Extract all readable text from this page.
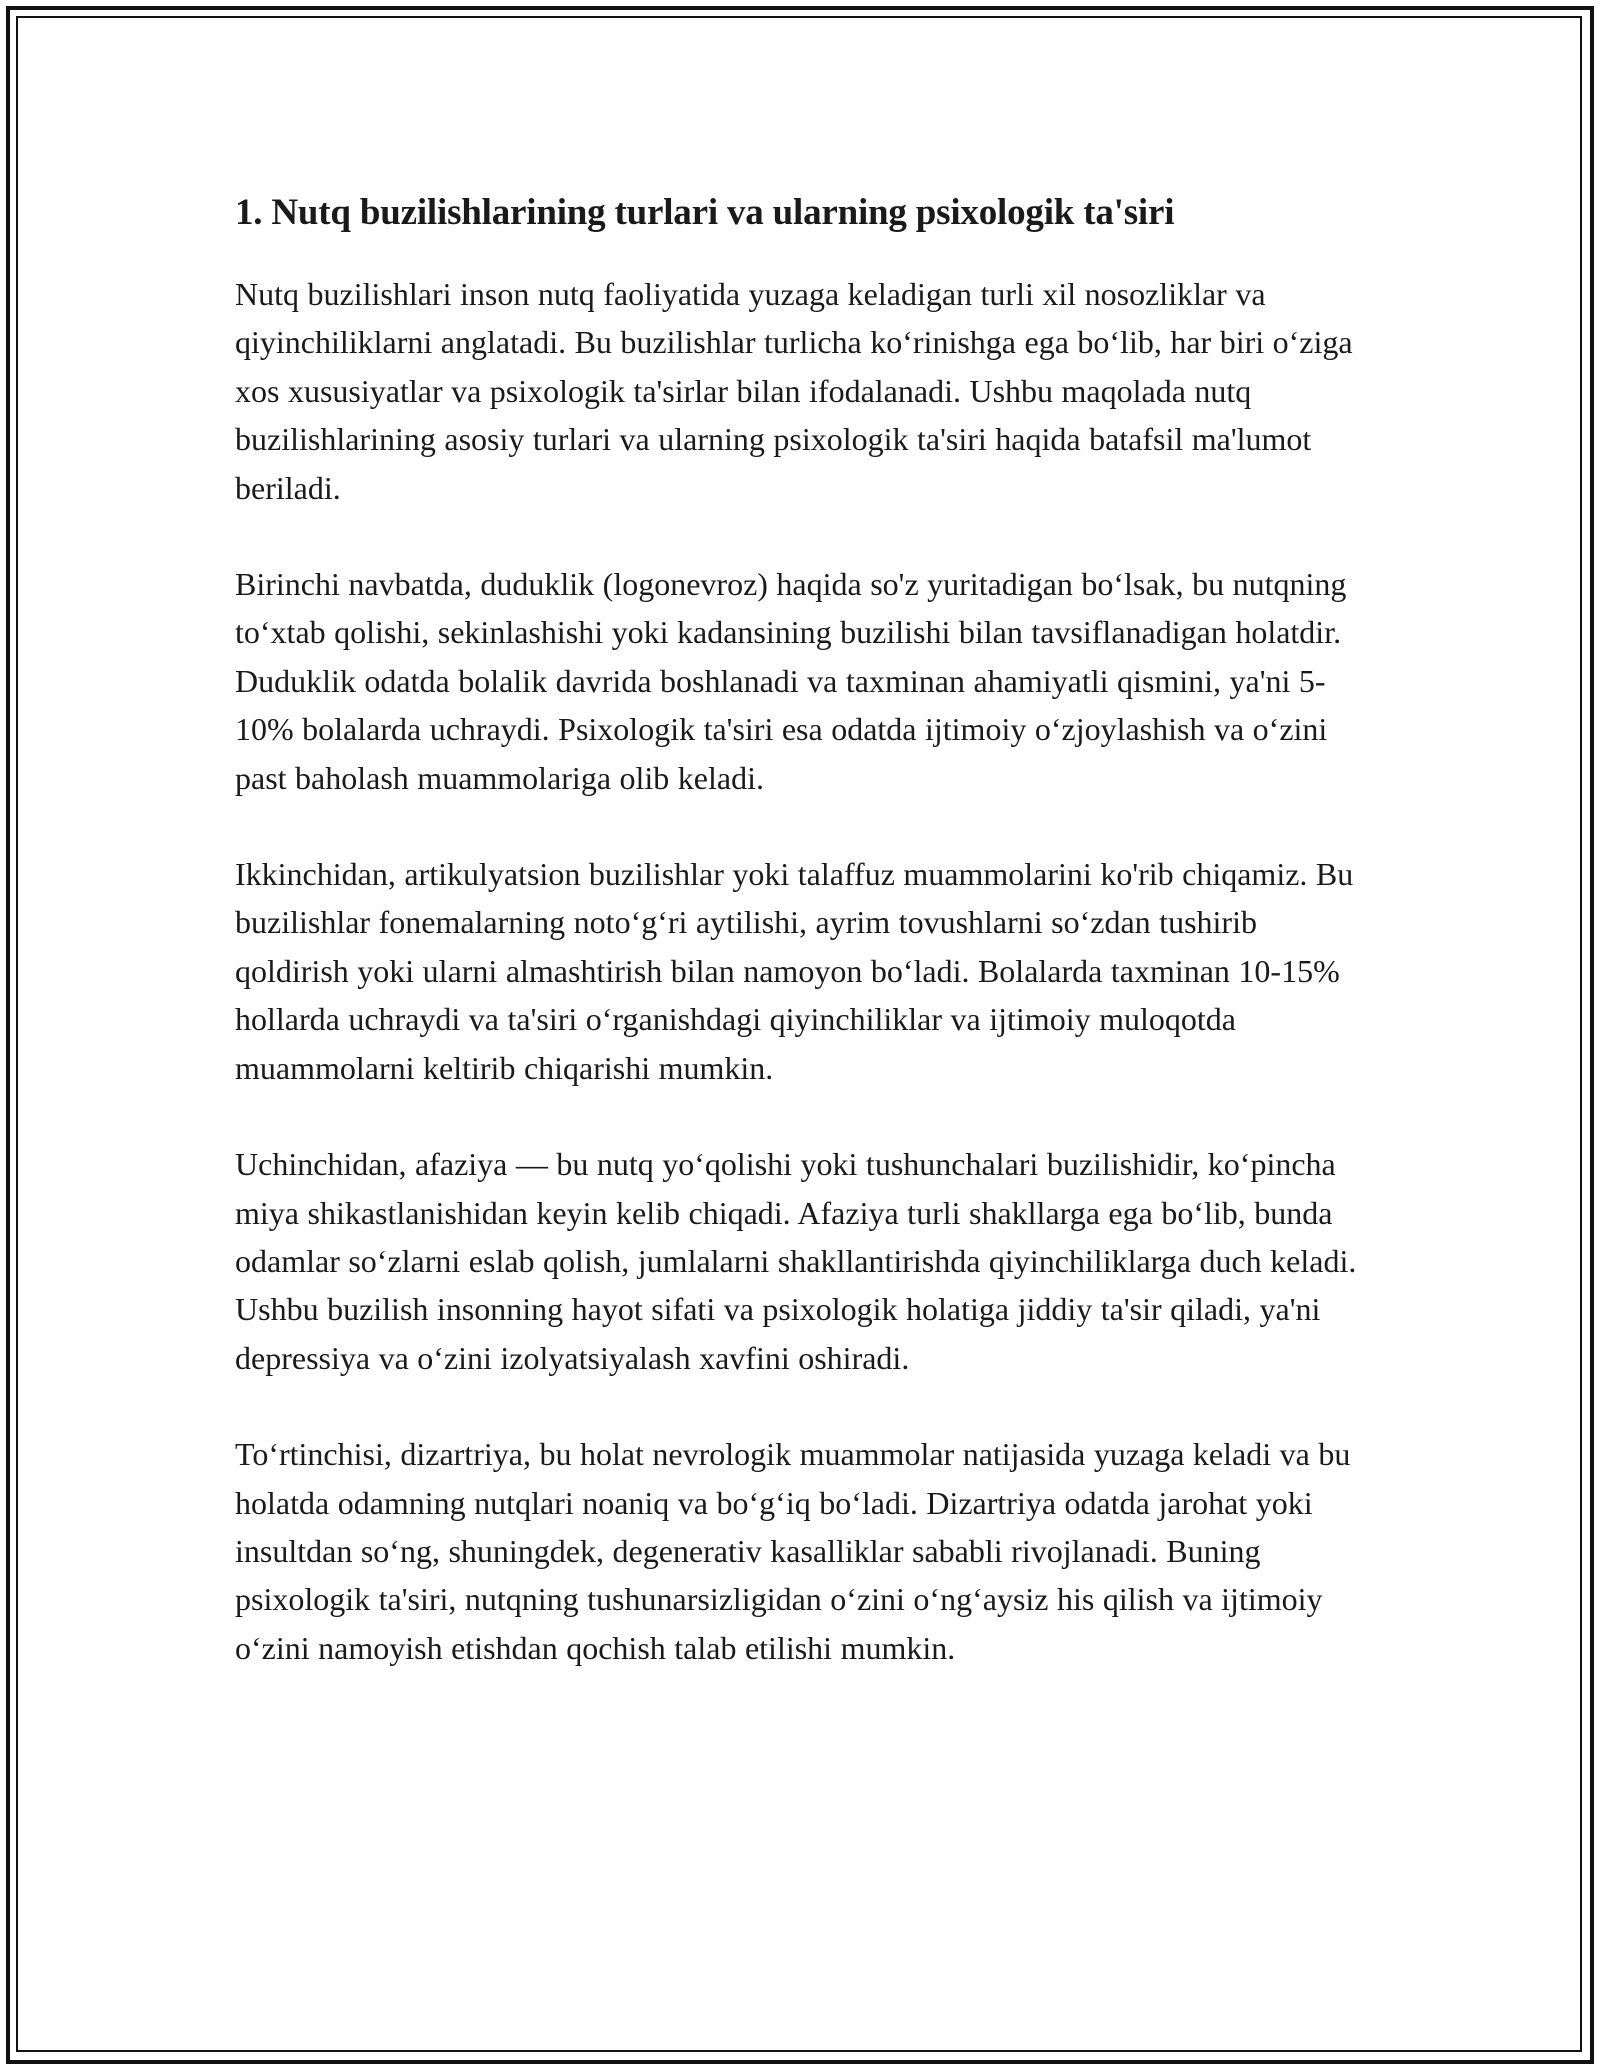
1. Nutq buzilishlarining turlari va ularning psixologik ta'siri

Nutq buzilishlari inson nutq faoliyatida yuzaga keladigan turli xil nosozliklar va qiyinchiliklarni anglatadi. Bu buzilishlar turlicha ko‘rinishga ega bo‘lib, har biri o‘ziga xos xususiyatlar va psixologik ta'sirlar bilan ifodalanadi. Ushbu maqolada nutq buzilishlarining asosiy turlari va ularning psixologik ta'siri haqida batafsil ma'lumot beriladi.

Birinchi navbatda, duduklik (logonevroz) haqida so'z yuritadigan bo‘lsak, bu nutqning to‘xtab qolishi, sekinlashishi yoki kadansining buzilishi bilan tavsiflanadigan holatdir. Duduklik odatda bolalik davrida boshlanadi va taxminan ahamiyatli qismini, ya'ni 5-10% bolalarda uchraydi. Psixologik ta'siri esa odatda ijtimoiy o‘zjoylashish va o‘zini past baholash muammolariga olib keladi.

Ikkinchidan, artikulyatsion buzilishlar yoki talaffuz muammolarini ko'rib chiqamiz. Bu buzilishlar fonemalarning noto‘g‘ri aytilishi, ayrim tovushlarni so‘zdan tushirib qoldirish yoki ularni almashtirish bilan namoyon bo‘ladi. Bolalarda taxminan 10-15% hollarda uchraydi va ta'siri o‘rganishdagi qiyinchiliklar va ijtimoiy muloqotda muammolarni keltirib chiqarishi mumkin.

Uchinchidan, afaziya — bu nutq yo‘qolishi yoki tushunchalari buzilishidir, ko‘pincha miya shikastlanishidan keyin kelib chiqadi. Afaziya turli shakllarga ega bo‘lib, bunda odamlar so‘zlarni eslab qolish, jumlalarni shakllantirishda qiyinchiliklarga duch keladi. Ushbu buzilish insonning hayot sifati va psixologik holatiga jiddiy ta'sir qiladi, ya'ni depressiya va o‘zini izolyatsiyalash xavfini oshiradi.

To‘rtinchisi, dizartriya, bu holat nevrologik muammolar natijasida yuzaga keladi va bu holatda odamning nutqlari noaniq va bo‘g‘iq bo‘ladi. Dizartriya odatda jarohat yoki insultdan so‘ng, shuningdek, degenerativ kasalliklar sababli rivojlanadi. Buning psixologik ta'siri, nutqning tushunarsizligidan o‘zini o‘ng‘aysiz his qilish va ijtimoiy o‘zini namoyish etishdan qochish talab etilishi mumkin.
